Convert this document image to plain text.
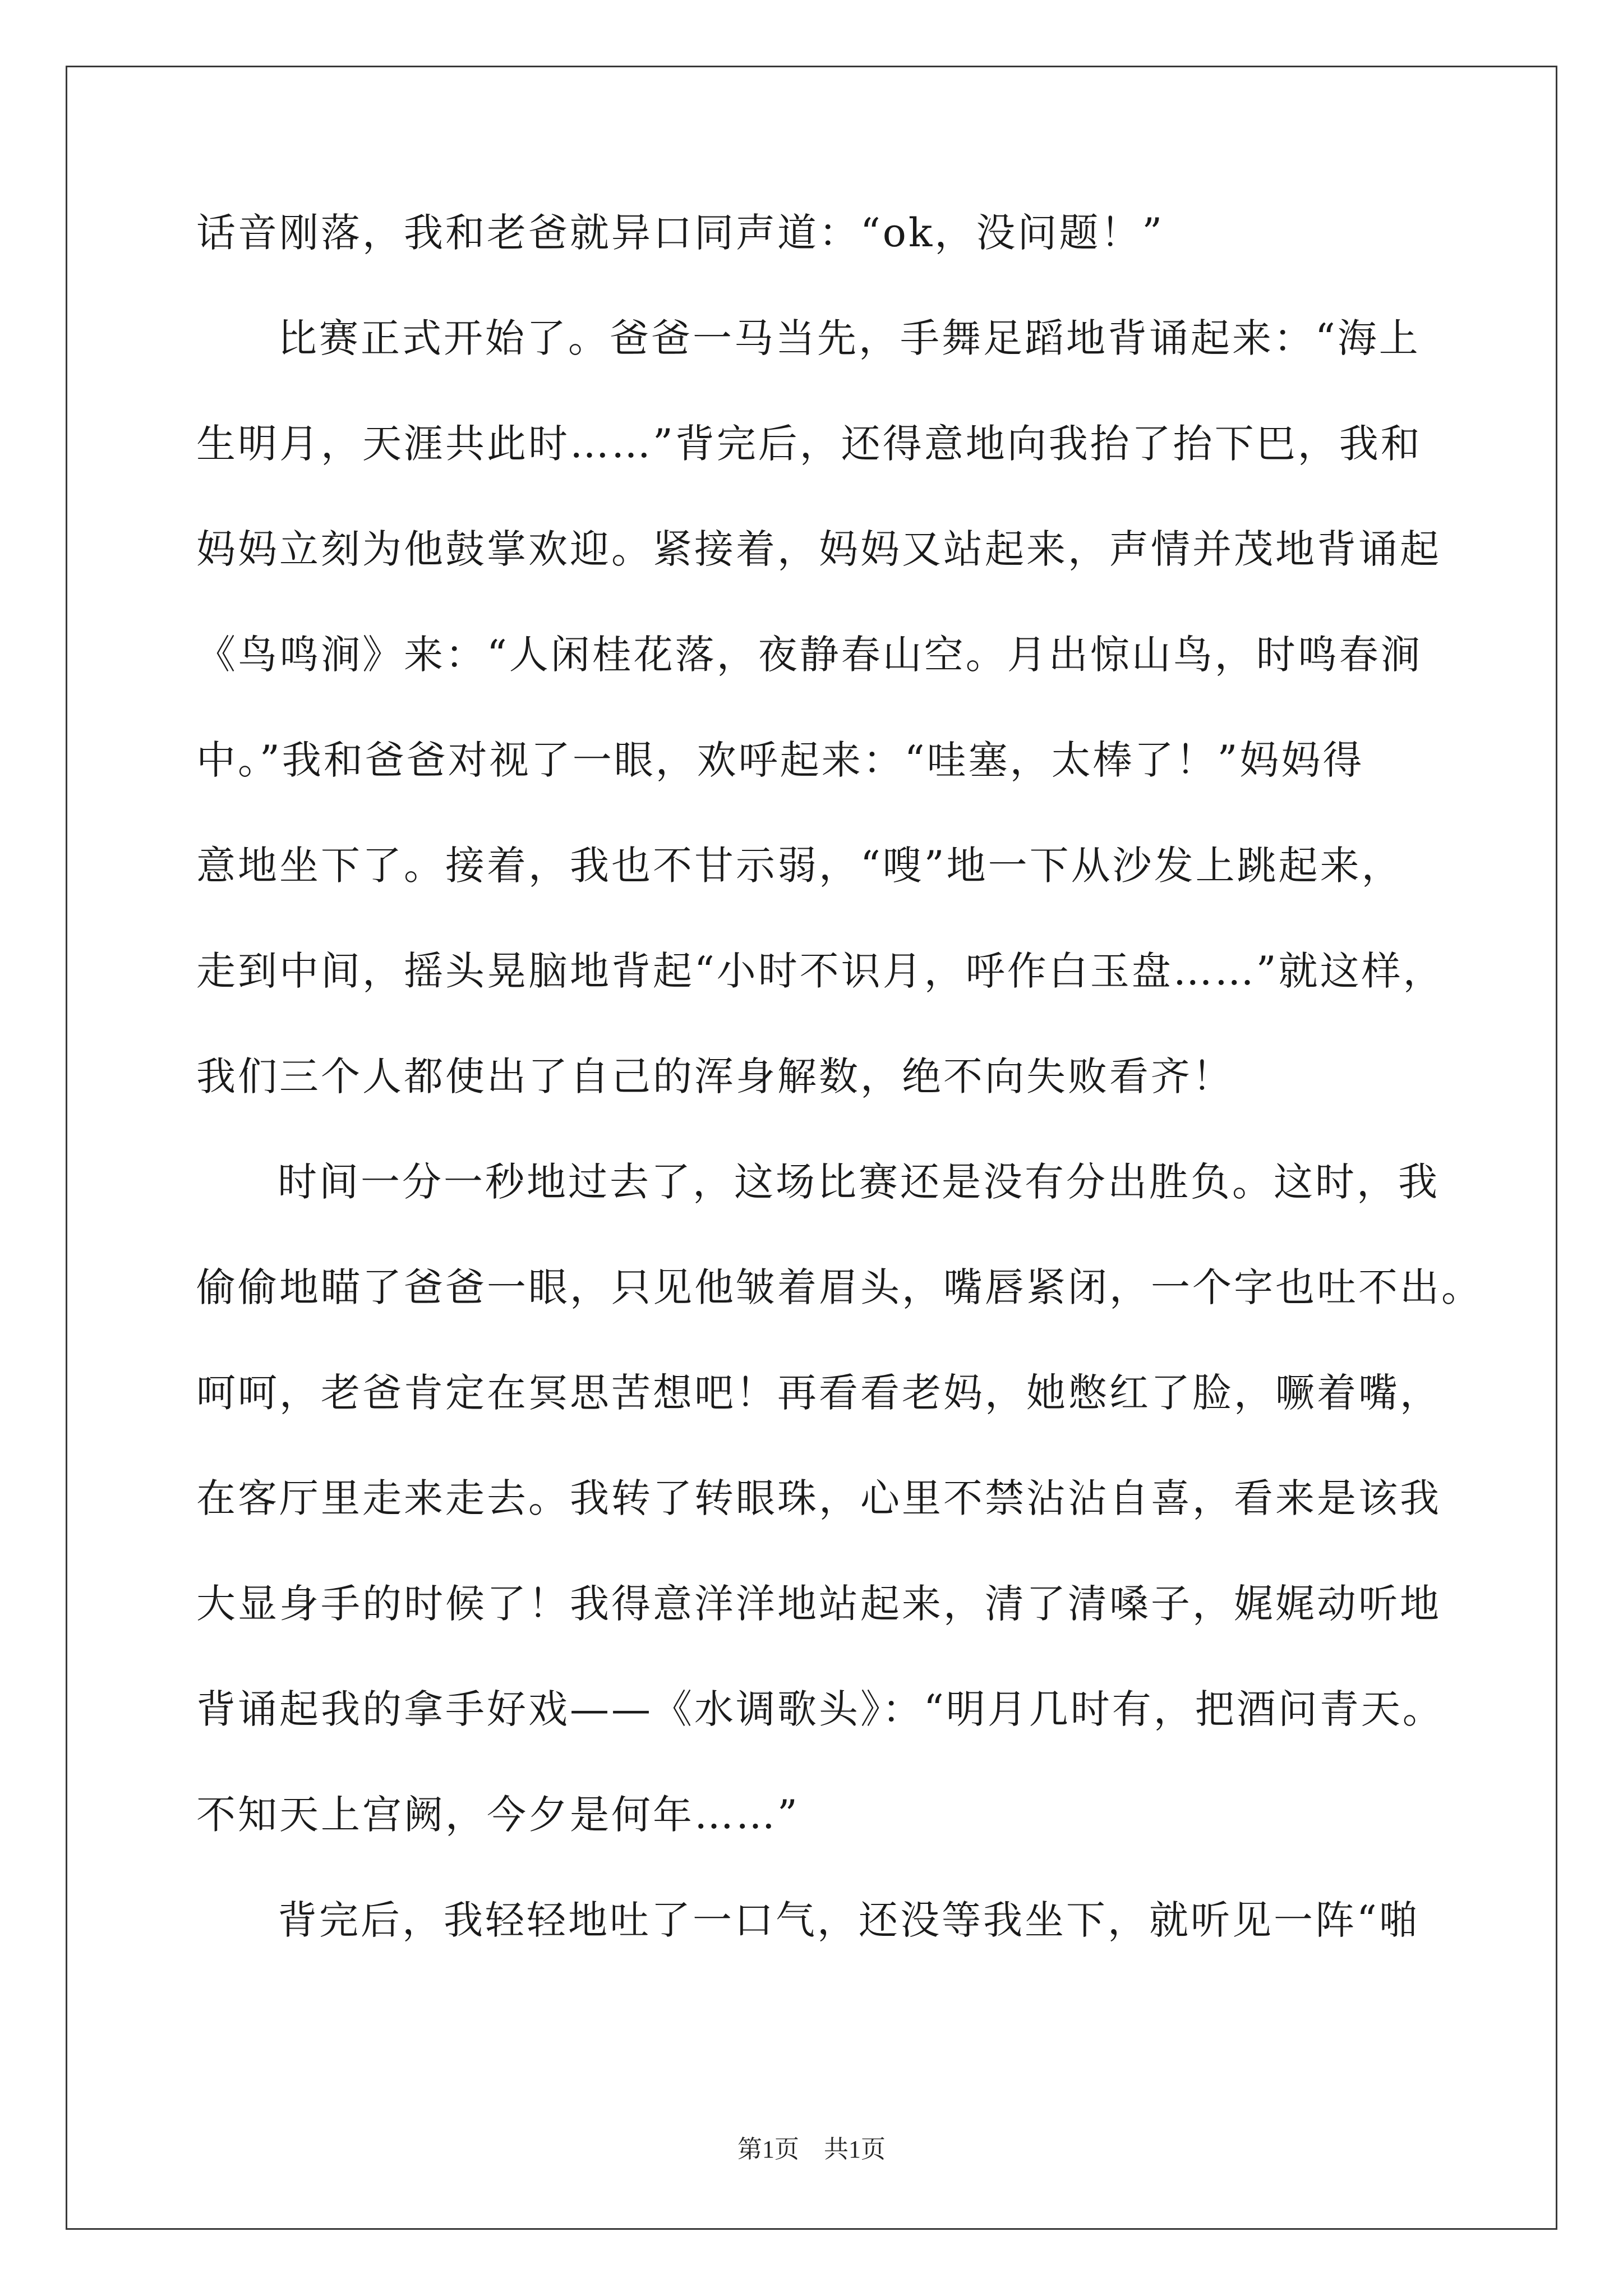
话音刚落，我和老爸就异口同声道：“ok，没问题！”
比赛正式开始了。爸爸一马当先，手舞足蹈地背诵起来：“海上
生明月，天涯共此时……”背完后，还得意地向我抬了抬下巴，我和
妈妈立刻为他鼓掌欢迎。紧接着，妈妈又站起来，声情并茂地背诵起
《鸟鸣涧》来：“人闲桂花落，夜静春山空。月出惊山鸟，时鸣春涧
中。”我和爸爸对视了一眼，欢呼起来：“哇塞，太棒了！”妈妈得
意地坐下了。接着，我也不甘示弱，“嗖”地一下从沙发上跳起来，
走到中间，摇头晃脑地背起“小时不识月，呼作白玉盘……”就这样，
我们三个人都使出了自己的浑身解数，绝不向失败看齐！
时间一分一秒地过去了，这场比赛还是没有分出胜负。这时，我
偷偷地瞄了爸爸一眼，只见他皱着眉头，嘴唇紧闭，一个字也吐不出。
呵呵，老爸肯定在冥思苦想吧！再看看老妈，她憋红了脸，噘着嘴，
在客厅里走来走去。我转了转眼珠，心里不禁沾沾自喜，看来是该我
大显身手的时候了！我得意洋洋地站起来，清了清嗓子，娓娓动听地
背诵起我的拿手好戏——《水调歌头》：“明月几时有，把酒问青天。
不知天上宫阙，今夕是何年……”
背完后，我轻轻地吐了一口气，还没等我坐下，就听见一阵“啪
第1页　共1页
